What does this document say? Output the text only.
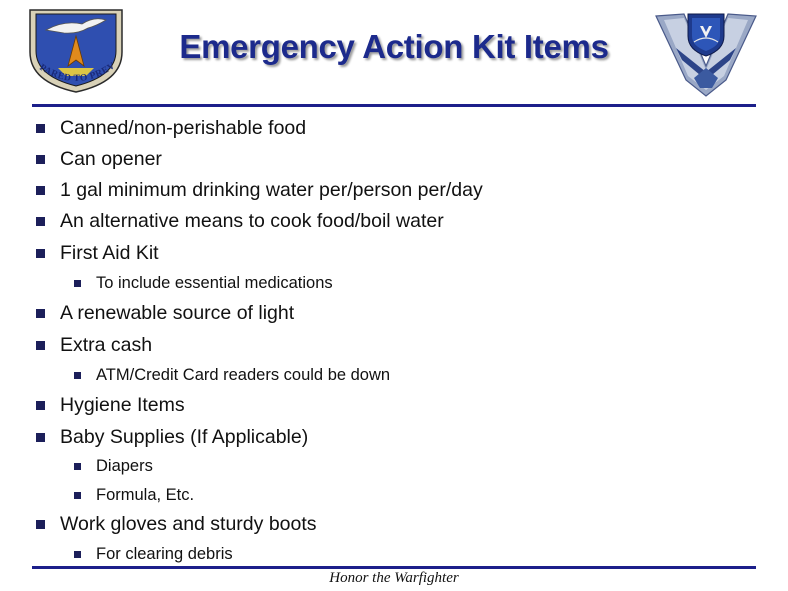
PARED TO PREV
Emergency Action Kit Items
Canned/non-perishable food
Can opener
1 gal minimum drinking water per/person per/day
An alternative means to cook food/boil water
First Aid Kit
To include essential medications
A renewable source of light
Extra cash
ATM/Credit Card readers could be down
Hygiene Items
Baby Supplies (If Applicable)
Diapers
Formula, Etc.
Work gloves and sturdy boots
For clearing debris
Honor the Warfighter
